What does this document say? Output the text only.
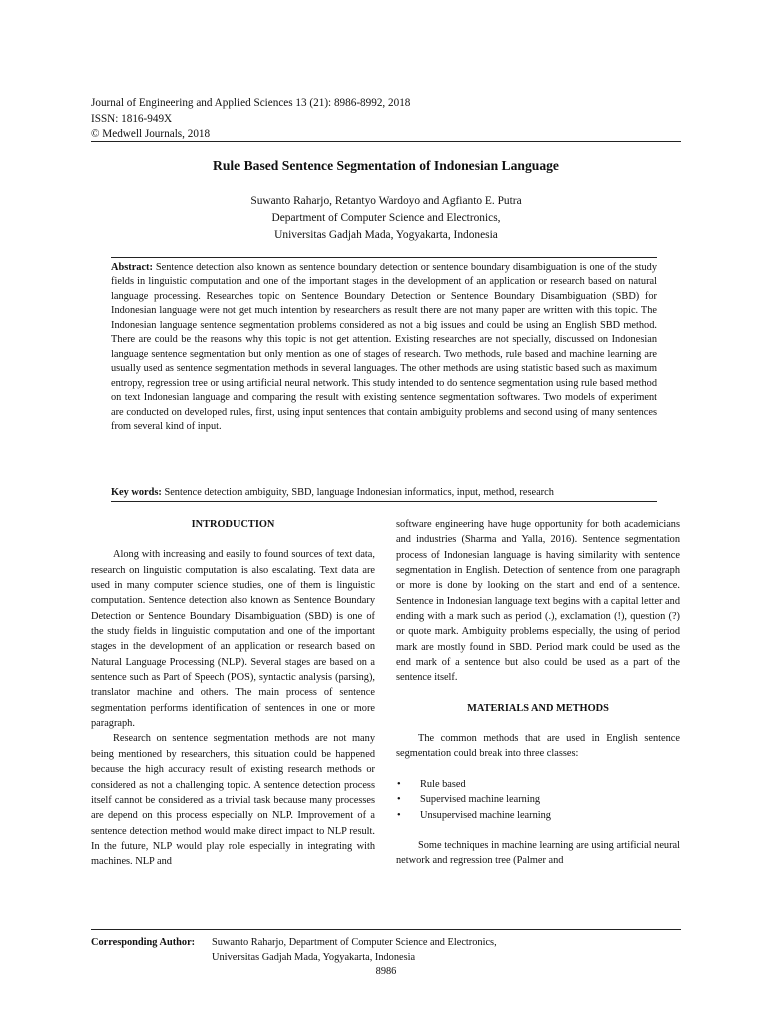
Journal of Engineering and Applied Sciences 13 (21): 8986-8992, 2018
ISSN: 1816-949X
© Medwell Journals, 2018
Rule Based Sentence Segmentation of Indonesian Language
Suwanto Raharjo, Retantyo Wardoyo and Agfianto E. Putra
Department of Computer Science and Electronics,
Universitas Gadjah Mada, Yogyakarta, Indonesia
Abstract: Sentence detection also known as sentence boundary detection or sentence boundary disambiguation is one of the study fields in linguistic computation and one of the important stages in the development of an application or research based on natural language processing. Researches topic on Sentence Boundary Detection or Sentence Boundary Disambiguation (SBD) for Indonesian language were not get much intention by researchers as result there are not many paper are written with this topic. The Indonesian language sentence segmentation problems considered as not a big issues and could be using an English SBD method. There are could be the reasons why this topic is not get attention. Existing researches are not specially, discussed on Indonesian language sentence segmentation but only mention as one of stages of research. Two methods, rule based and machine learning are usually used as sentence segmentation methods in several languages. The other methods are using statistic based such as maximum entropy, regression tree or using artificial neural network. This study intended to do sentence segmentation using rule based method on text Indonesian language and comparing the result with existing sentence segmentation softwares. Two models of experiment are conducted on developed rules, first, using input sentences that contain ambiguity problems and second using of many sentences from several kind of input.
Key words: Sentence detection ambiguity, SBD, language Indonesian informatics, input, method, research

INTRODUCTION

Along with increasing and easily to found sources of text data, research on linguistic computation is also escalating. Text data are used in many computer science studies, one of them is linguistic computation. Sentence detection also known as Sentence Boundary Detection or Sentence Boundary Disambiguation (SBD) is one of the study fields in linguistic computation and one of the important stages in the development of an application or research based on Natural Language Processing (NLP). Several stages are based on a sentence such as Part of Speech (POS), syntactic analysis (parsing), translator machine and others. The main process of sentence segmentation performs identification of sentences in one or more paragraph.

Research on sentence segmentation methods are not many being mentioned by researchers, this situation could be happened because the high accuracy result of existing research methods or considered as not a challenging topic. A sentence detection process itself cannot be considered as a trivial task because many processes are depend on this process especially on NLP. Improvement of a sentence detection method would make direct impact to NLP result. In the future, NLP would play role especially in integrating with machines. NLP and

software engineering have huge opportunity for both academicians and industries (Sharma and Yalla, 2016). Sentence segmentation process of Indonesian language is having similarity with sentence segmentation in English. Detection of sentence from one paragraph or more is done by looking on the start and end of a sentence. Sentence in Indonesian language text begins with a capital letter and ending with a mark such as period (.), exclamation (!), question (?) or quote mark. Ambiguity problems especially, the using of period mark are mostly found in SBD. Period mark could be used as the end mark of a sentence but also could be used as a part of the sentence itself.

MATERIALS AND METHODS

The common methods that are used in English sentence segmentation could break into three classes:

• Rule based
• Supervised machine learning
• Unsupervised machine learning

Some techniques in machine learning are using artificial neural network and regression tree (Palmer and

Corresponding Author: Suwanto Raharjo, Department of Computer Science and Electronics,
Universitas Gadjah Mada, Yogyakarta, Indonesia
8986
